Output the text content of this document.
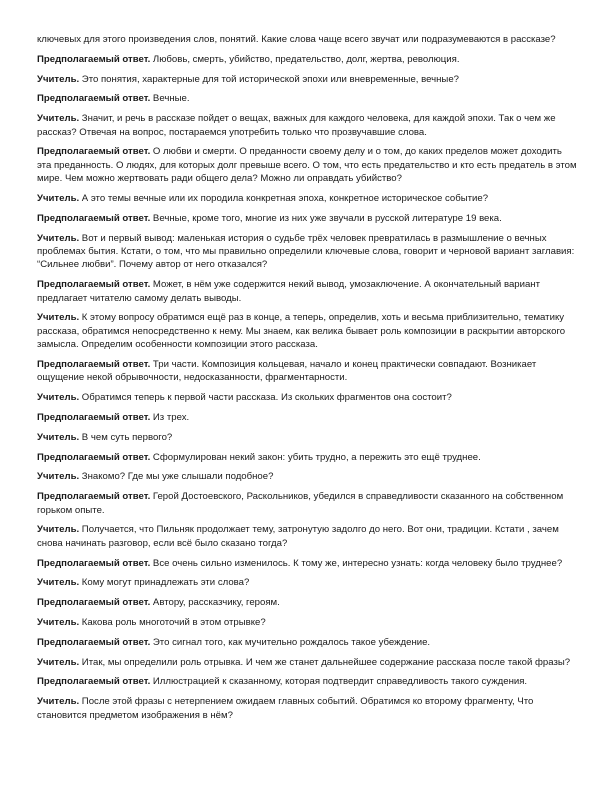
ключевых для этого произведения слов, понятий. Какие слова чаще всего звучат или подразумеваются в рассказе?

Предполагаемый ответ. Любовь, смерть, убийство, предательство, долг, жертва, революция.

Учитель. Это понятия, характерные для той исторической эпохи или вневременные, вечные?

Предполагаемый ответ. Вечные.

Учитель. Значит, и речь в рассказе пойдет о вещах, важных для каждого человека, для каждой эпохи. Так о чем же рассказ? Отвечая на вопрос, постараемся употребить только что прозвучавшие слова.

Предполагаемый ответ. О любви и смерти. О преданности своему делу и о том, до каких пределов может доходить эта преданность. О людях, для которых долг превыше всего. О том, что есть предательство и кто есть предатель в этом мире. Чем можно жертвовать ради общего дела? Можно ли оправдать убийство?

Учитель. А это темы вечные или их породила конкретная эпоха, конкретное историческое событие?

Предполагаемый ответ. Вечные, кроме того, многие из них уже звучали в русской литературе 19 века.

Учитель. Вот и первый вывод: маленькая история о судьбе трёх человек превратилась в размышление о вечных проблемах бытия. Кстати, о том, что мы правильно определили ключевые слова, говорит и черновой вариант заглавия: “Сильнее любви”. Почему автор от него отказался?

Предполагаемый ответ. Может, в нём уже содержится некий вывод, умозаключение. А окончательный вариант предлагает читателю самому делать выводы.

Учитель. К этому вопросу обратимся ещё раз в конце, а теперь, определив, хоть и весьма приблизительно, тематику рассказа, обратимся непосредственно к нему. Мы знаем, как велика бывает роль композиции в раскрытии авторского замысла. Определим особенности композиции этого рассказа.

Предполагаемый ответ. Три части. Композиция кольцевая, начало и конец практически совпадают. Возникает ощущение некой обрывочности, недосказанности, фрагментарности.

Учитель. Обратимся теперь к первой части рассказа. Из скольких фрагментов она состоит?

Предполагаемый ответ. Из трех.

Учитель. В чем суть первого?

Предполагаемый ответ. Сформулирован некий закон: убить трудно, а пережить это ещё труднее.

Учитель. Знакомо? Где мы уже слышали подобное?

Предполагаемый ответ. Герой Достоевского, Раскольников, убедился в справедливости сказанного на собственном горьком опыте.

Учитель. Получается, что Пильняк продолжает тему, затронутую задолго до него. Вот они, традиции. Кстати , зачем снова начинать разговор, если всё было сказано тогда?

Предполагаемый ответ. Все очень сильно изменилось. К тому же, интересно узнать: когда человеку было труднее?

Учитель. Кому могут принадлежать эти слова?

Предполагаемый ответ. Автору, рассказчику, героям.

Учитель. Какова роль многоточий в этом отрывке?

Предполагаемый ответ. Это сигнал того, как мучительно рождалось такое убеждение.

Учитель. Итак, мы определили роль отрывка. И чем же станет дальнейшее содержание рассказа после такой фразы?

Предполагаемый ответ. Иллюстрацией к сказанному, которая подтвердит справедливость такого суждения.

Учитель. После этой фразы с нетерпением ожидаем главных событий. Обратимся ко второму фрагменту, Что становится предметом изображения в нём?
